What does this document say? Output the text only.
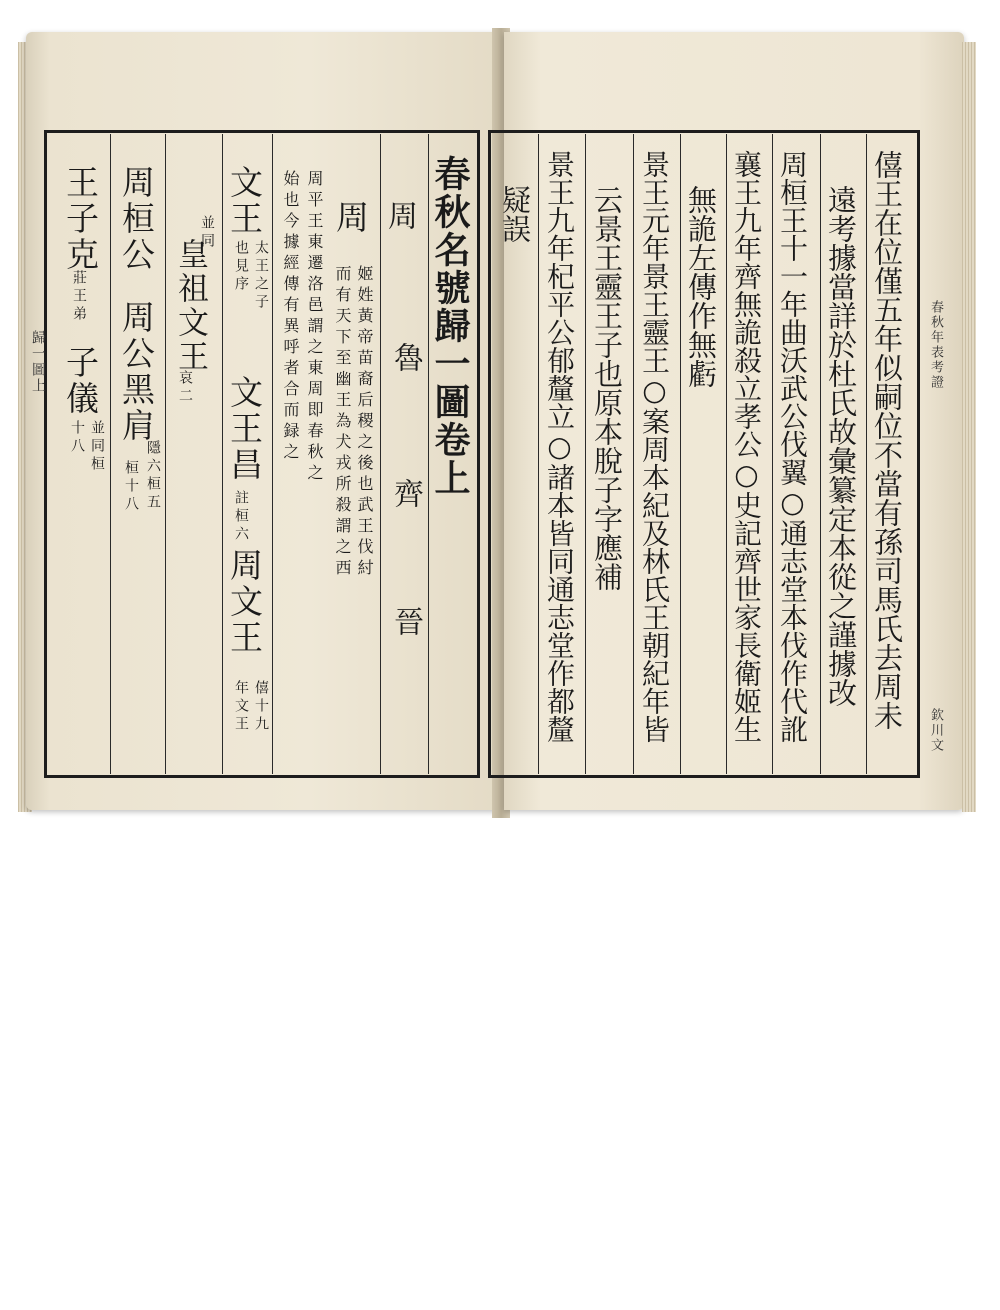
春秋名號歸一圖卷上
周
魯
齊
晉
周
姬姓黃帝苗裔后稷之後也武王伐紂
而有天下至幽王為犬戎所殺謂之西
周平王東遷洛邑謂之東周即春秋之
始也今據經傳有異呼者合而録之
文王
太王之子
也見序
文王昌
註桓六
周文王
僖十九
年文王
並同
皇祖文王
哀二
周桓公
周公黑肩
隱六桓五
桓十八
王子克
莊王弟
子儀
並同桓
十八
歸一圖上	僖王在位僅五年似嗣位不當有孫司馬氏去周未
遠考據當詳於杜氏故彙纂定本從之謹據改
周桓王十一年曲沃武公伐翼○通志堂本伐作代訛
襄王九年齊無詭殺立孝公○史記齊世家長衛姬生
無詭左傳作無虧
景王元年景王靈王○案周本紀及林氏王朝紀年皆
云景王靈王子也原本脫子字應補
景王九年杞平公郁釐立○諸本皆同通志堂作都釐
疑誤
春秋年表考證
欽川文
